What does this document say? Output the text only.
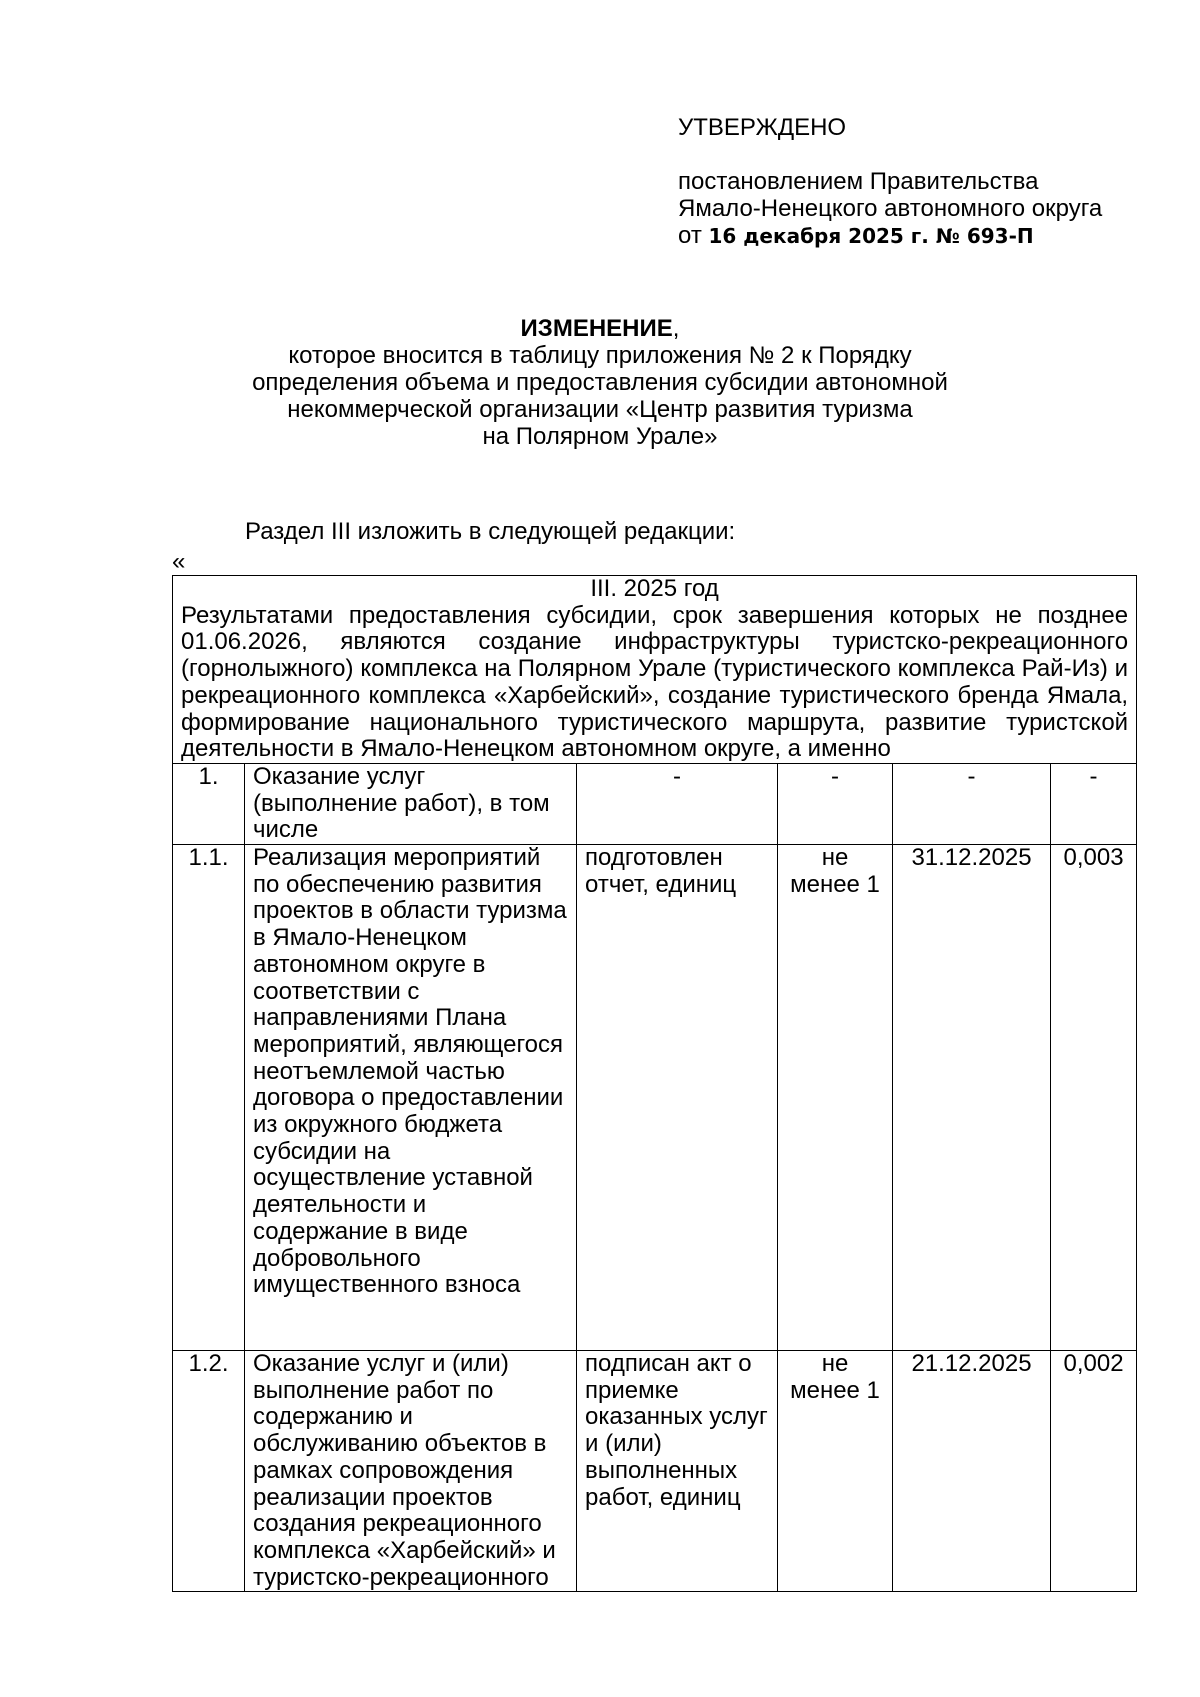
УТВЕРЖДЕНО
постановлением Правительства
Ямало-Ненецкого автономного округа
от 16 декабря 2025 г. № 693-П
ИЗМЕНЕНИЕ,
которое вносится в таблицу приложения № 2 к Порядку
определения объема и предоставления субсидии автономной
некоммерческой организации «Центр развития туризма
на Полярном Урале»
Раздел III изложить в следующей редакции:
«
III. 2025 год
Результатами предоставления субсидии, срок завершения которых не позднее 01.06.2026, являются создание инфраструктуры туристско-рекреационного (горнолыжного) комплекса на Полярном Урале (туристического комплекса Рай-Из) и рекреационного комплекса «Харбейский», создание туристического бренда Ямала, формирование национального туристического маршрута, развитие туристской деятельности в Ямало-Ненецком автономном округе, а именно					

1.	Оказание услуг (выполнение работ), в том числе	-	-	-	-
1.1.	Реализация мероприятий по обеспечению развития проектов в области туризма в Ямало-Ненецком автономном округе в соответствии с направлениями Плана мероприятий, являющегося неотъемлемой частью договора о предоставлении из окружного бюджета субсидии на осуществление уставной деятельности и содержание в виде добровольного имущественного взноса	подготовлен отчет, единиц	не менее 1	31.12.2025	0,003
1.2.	Оказание услуг и (или) выполнение работ по содержанию и обслуживанию объектов в рамках сопровождения реализации проектов создания рекреационного комплекса «Харбейский» и туристско-рекреационного	подписан акт о приемке оказанных услуг и (или) выполненных работ, единиц	не менее 1	21.12.2025	0,002
